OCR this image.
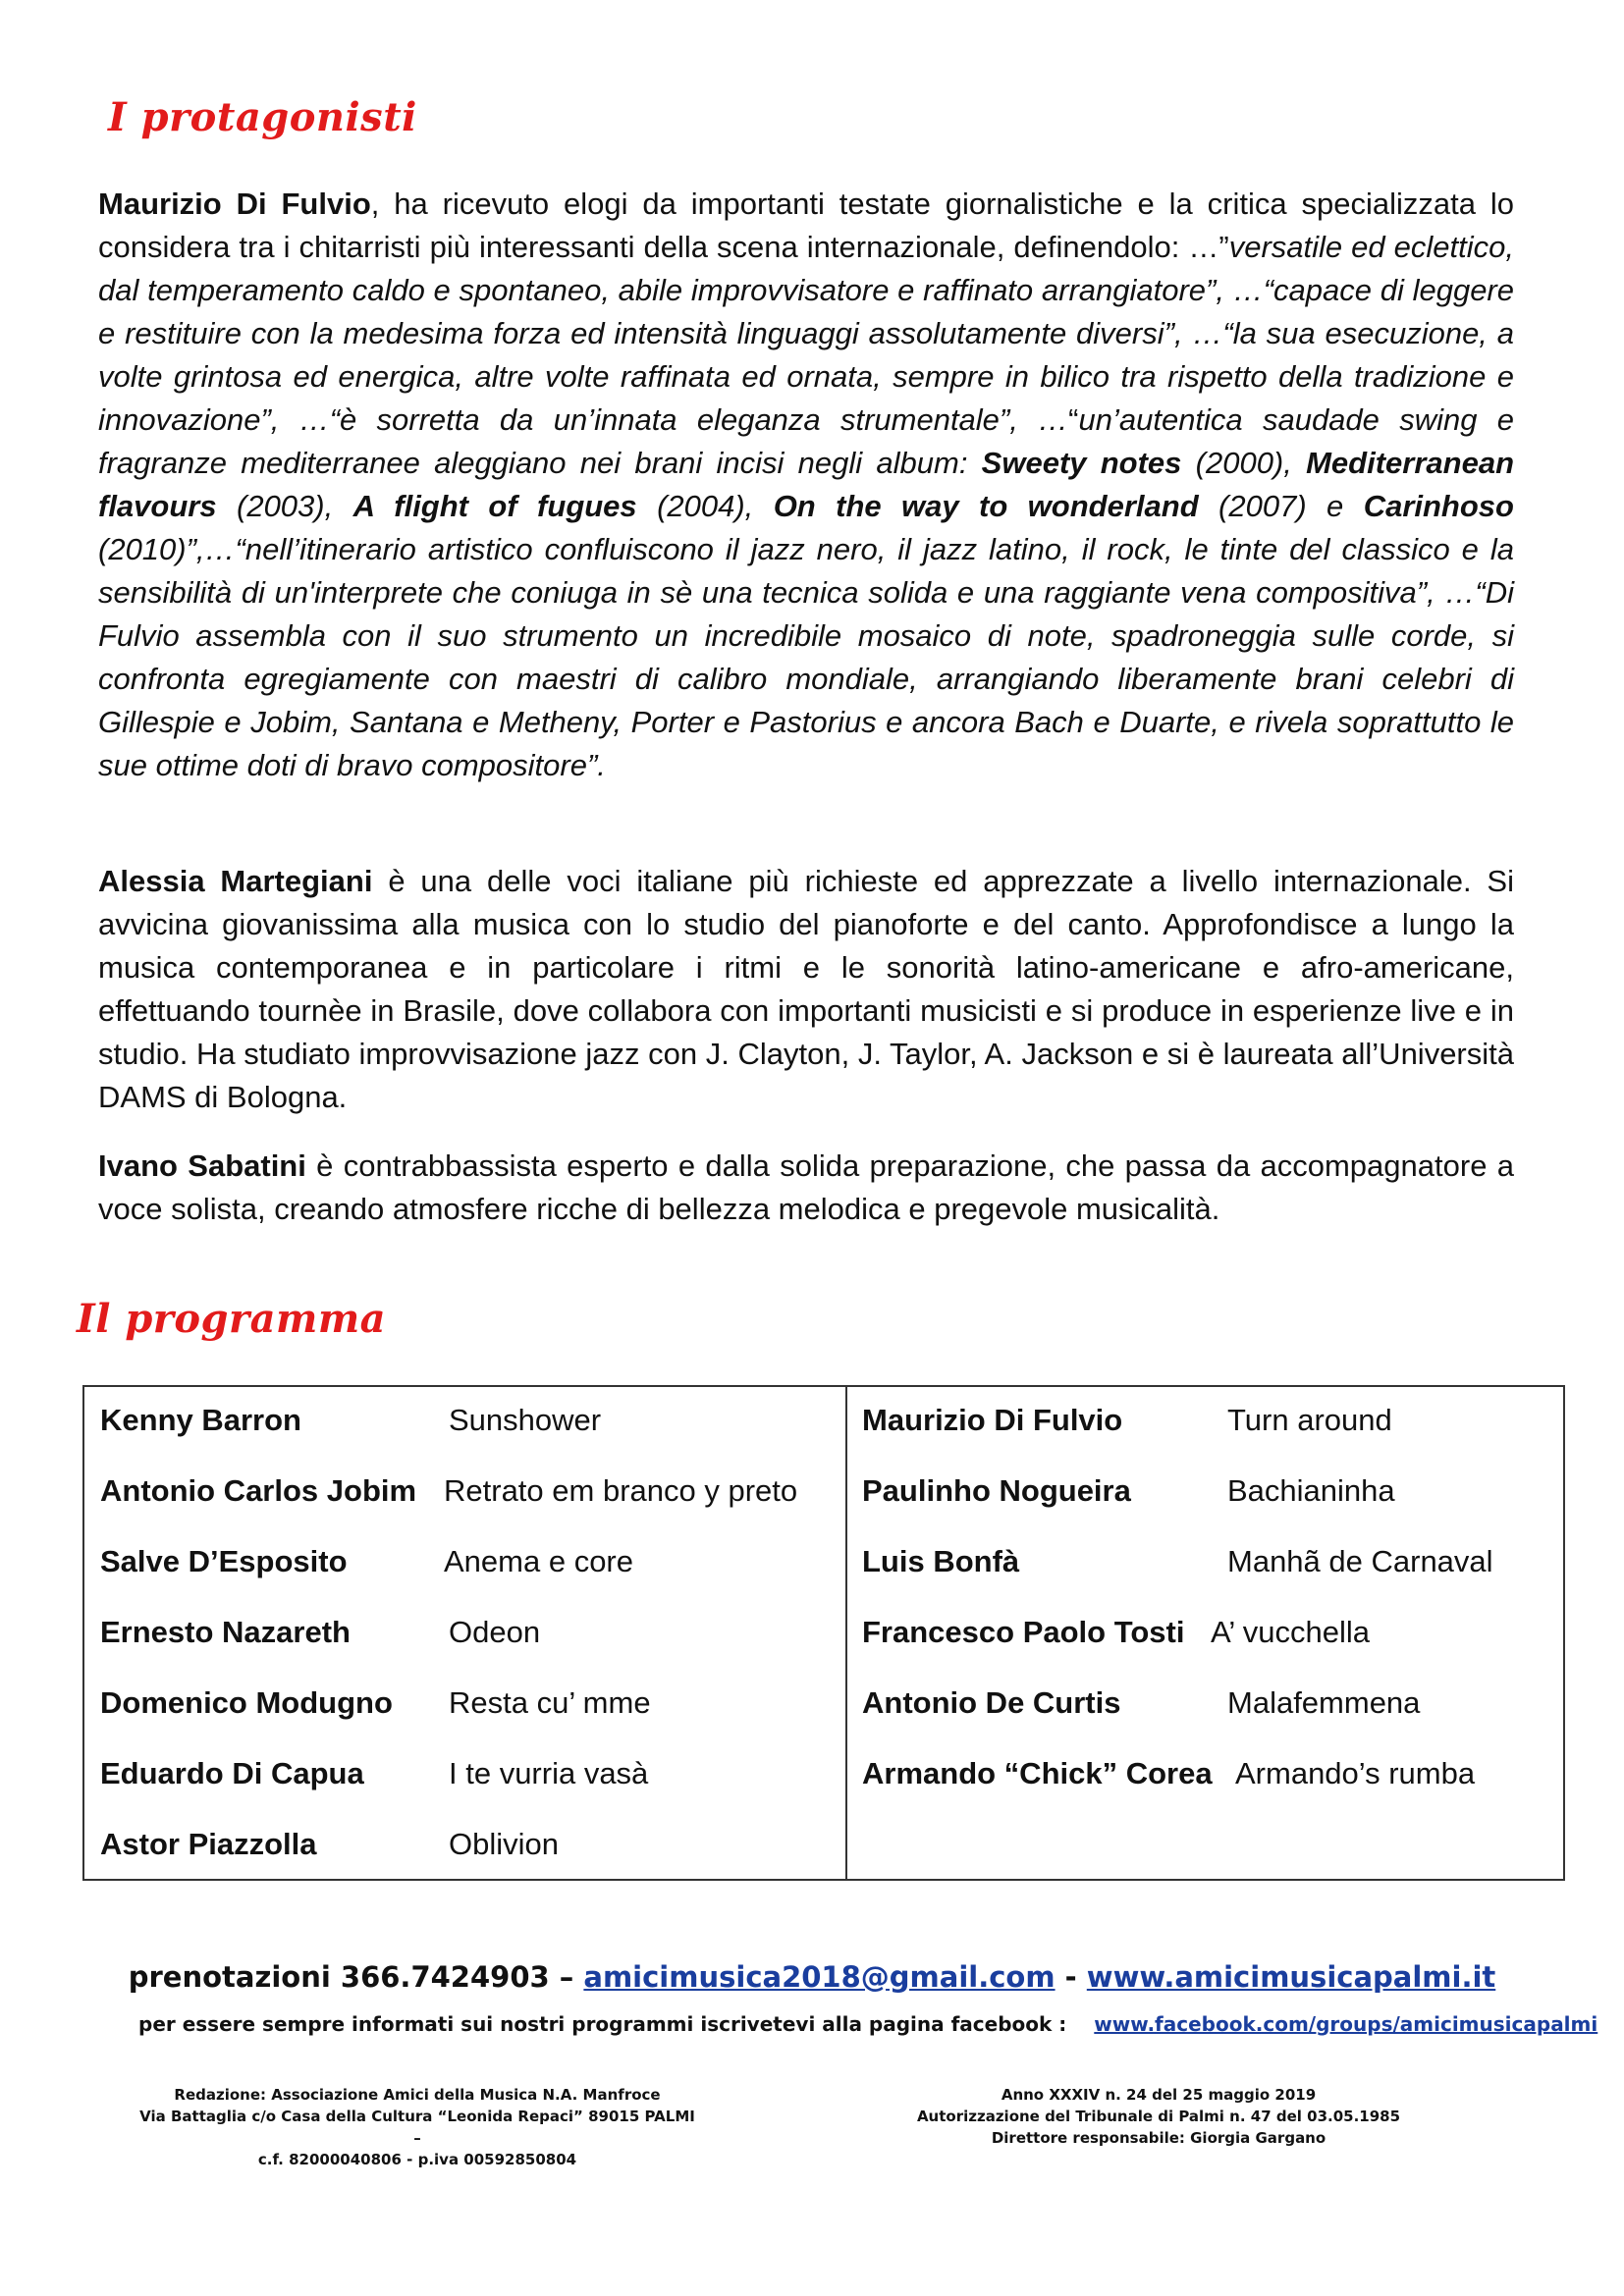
I protagonisti
Maurizio Di Fulvio, ha ricevuto elogi da importanti testate giornalistiche e la critica specializzata lo considera tra i chitarristi più interessanti della scena internazionale, definendolo: …”versatile ed eclettico, dal temperamento caldo e spontaneo, abile improvvisatore e raffinato arrangiatore”, …“capace di leggere e restituire con la medesima forza ed intensità linguaggi assolutamente diversi”, …“la sua esecuzione, a volte grintosa ed energica, altre volte raffinata ed ornata, sempre in bilico tra rispetto della tradizione e innovazione”, …“è sorretta da un’innata eleganza strumentale”, …“un’autentica saudade swing e fragranze mediterranee aleggiano nei brani incisi negli album: Sweety notes (2000), Mediterranean flavours (2003), A flight of fugues (2004), On the way to wonderland (2007) e Carinhoso (2010)”,…“nell’itinerario artistico confluiscono il jazz nero, il jazz latino, il rock, le tinte del classico e la sensibilità di un'interprete che coniuga in sè una tecnica solida e una raggiante vena compositiva”, …“Di Fulvio assembla con il suo strumento un incredibile mosaico di note, spadroneggia sulle corde, si confronta egregiamente con maestri di calibro mondiale, arrangiando liberamente brani celebri di Gillespie e Jobim, Santana e Metheny, Porter e Pastorius e ancora Bach e Duarte, e rivela soprattutto le sue ottime doti di bravo compositore”.
Alessia Martegiani è una delle voci italiane più richieste ed apprezzate a livello internazionale. Si avvicina giovanissima alla musica con lo studio del pianoforte e del canto. Approfondisce a lungo la musica contemporanea e in particolare i ritmi e le sonorità latino-americane e afro-americane, effettuando tournèe in Brasile, dove collabora con importanti musicisti e si produce in esperienze live e in studio. Ha studiato improvvisazione jazz con J. Clayton, J. Taylor, A. Jackson e si è laureata all’Università DAMS di Bologna.
Ivano Sabatini è contrabbassista esperto e dalla solida preparazione, che passa da accompagnatore a voce solista, creando atmosfere ricche di bellezza melodica e pregevole musicalità.
Il programma
Kenny Barron	Sunshower
Antonio Carlos Jobim Retrato em branco y preto
Salve D’Esposito	Anema e core
Ernesto Nazareth	Odeon
Domenico Modugno Resta cu’ mme
Eduardo Di Capua	I te vurria vasà
Astor Piazzolla	Oblivion
Maurizio Di Fulvio	Turn around
Paulinho Nogueira	Bachianinha
Luis Bonfà	Manhã de Carnaval
Francesco Paolo Tosti A’ vucchella
Antonio De Curtis	Malafemmena
Armando “Chick” Corea Armando’s rumba
prenotazioni 366.7424903 – amicimusica2018@gmail.com - www.amicimusicapalmi.it
per essere sempre informati sui nostri programmi iscrivetevi alla pagina facebook : www.facebook.com/groups/amicimusicapalmi
Redazione: Associazione Amici della Musica N.A. Manfroce
Via Battaglia c/o Casa della Cultura “Leonida Repaci” 89015 PALMI –
c.f. 82000040806 - p.iva 00592850804
Anno XXXIV n. 24 del 25 maggio 2019
Autorizzazione del Tribunale di Palmi n. 47 del 03.05.1985
Direttore responsabile: Giorgia Gargano
